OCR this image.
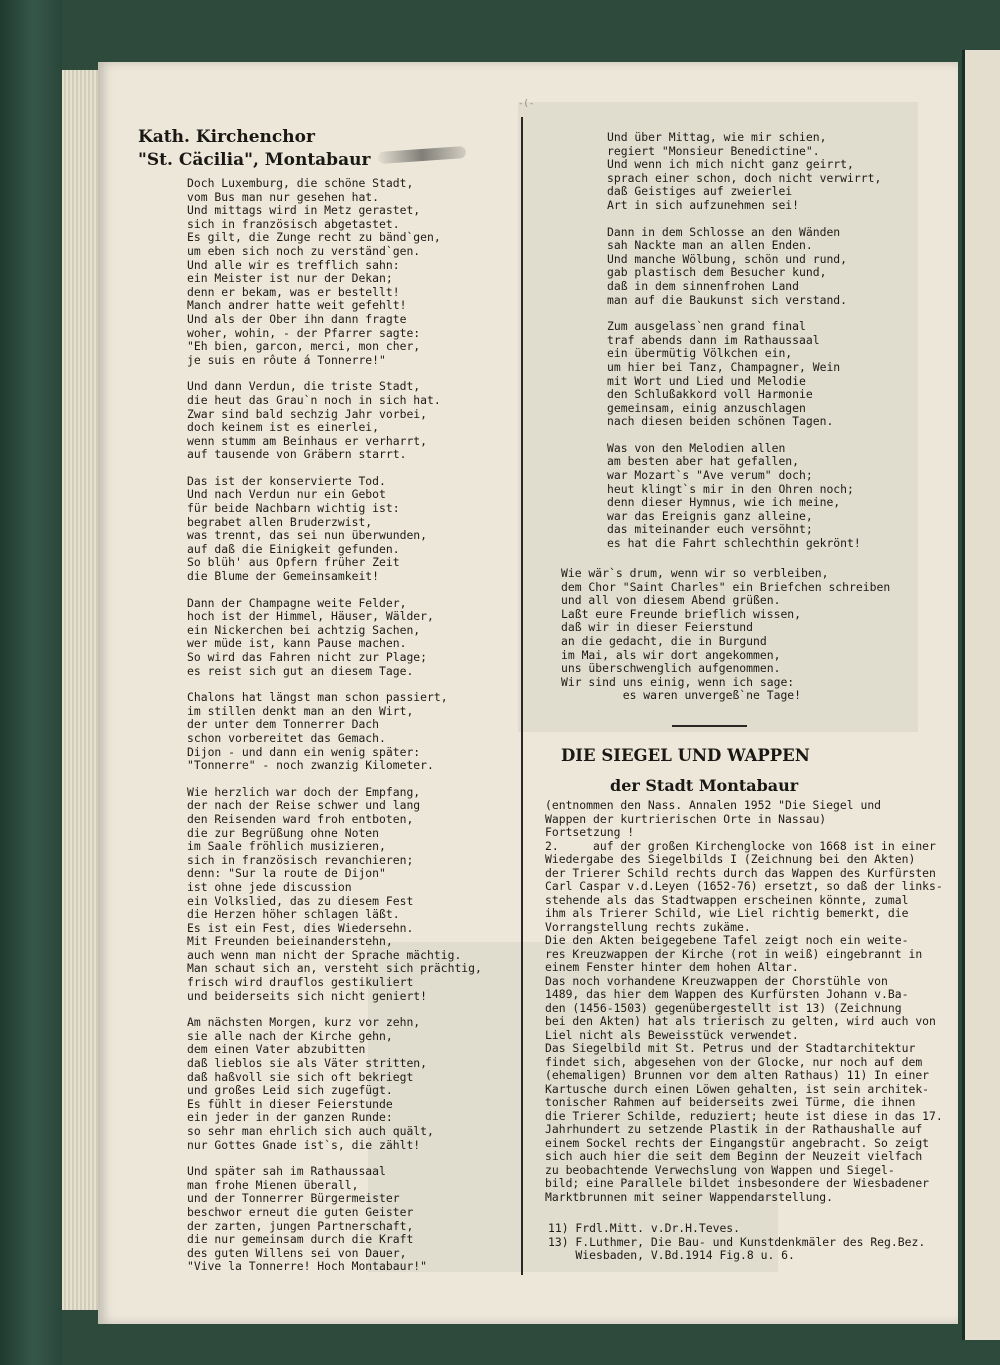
-(-
Kath. Kirchenchor
"St. Cäcilia", Montabaur
Doch Luxemburg, die schöne Stadt,
vom Bus man nur gesehen hat.
Und mittags wird in Metz gerastet,
sich in französisch abgetastet.
Es gilt, die Zunge recht zu bänd`gen,
um eben sich noch zu verständ`gen.
Und alle wir es trefflich sahn:
ein Meister ist nur der Dekan;
denn er bekam, was er bestellt!
Manch andrer hatte weit gefehlt!
Und als der Ober ihn dann fragte
woher, wohin, - der Pfarrer sagte:
"Eh bien, garcon, merci, mon cher,
je suis en rôute á Tonnerre!"
Und dann Verdun, die triste Stadt,
die heut das Grau`n noch in sich hat.
Zwar sind bald sechzig Jahr vorbei,
doch keinem ist es einerlei,
wenn stumm am Beinhaus er verharrt,
auf tausende von Gräbern starrt.
Das ist der konservierte Tod.
Und nach Verdun nur ein Gebot
für beide Nachbarn wichtig ist:
begrabet allen Bruderzwist,
was trennt, das sei nun überwunden,
auf daß die Einigkeit gefunden.
So blüh' aus Opfern früher Zeit
die Blume der Gemeinsamkeit!
Dann der Champagne weite Felder,
hoch ist der Himmel, Häuser, Wälder,
ein Nickerchen bei achtzig Sachen,
wer müde ist, kann Pause machen.
So wird das Fahren nicht zur Plage;
es reist sich gut an diesem Tage.
Chalons hat längst man schon passiert,
im stillen denkt man an den Wirt,
der unter dem Tonnerrer Dach
schon vorbereitet das Gemach.
Dijon - und dann ein wenig später:
"Tonnerre" - noch zwanzig Kilometer.
Wie herzlich war doch der Empfang,
der nach der Reise schwer und lang
den Reisenden ward froh entboten,
die zur Begrüßung ohne Noten
im Saale fröhlich musizieren,
sich in französisch revanchieren;
denn: "Sur la route de Dijon"
ist ohne jede discussion
ein Volkslied, das zu diesem Fest
die Herzen höher schlagen läßt.
Es ist ein Fest, dies Wiedersehn.
Mit Freunden beieinanderstehn,
auch wenn man nicht der Sprache mächtig.
Man schaut sich an, versteht sich prächtig,
frisch wird drauflos gestikuliert
und beiderseits sich nicht geniert!
Am nächsten Morgen, kurz vor zehn,
sie alle nach der Kirche gehn,
dem einen Vater abzubitten
daß lieblos sie als Väter stritten,
daß haßvoll sie sich oft bekriegt
und großes Leid sich zugefügt.
Es fühlt in dieser Feierstunde
ein jeder in der ganzen Runde:
so sehr man ehrlich sich auch quält,
nur Gottes Gnade ist`s, die zählt!
Und später sah im Rathaussaal
man frohe Mienen überall,
und der Tonnerrer Bürgermeister
beschwor erneut die guten Geister
der zarten, jungen Partnerschaft,
die nur gemeinsam durch die Kraft
des guten Willens sei von Dauer,
"Vive la Tonnerre! Hoch Montabaur!"
Und über Mittag, wie mir schien,
regiert "Monsieur Benedictine".
Und wenn ich mich nicht ganz geirrt,
sprach einer schon, doch nicht verwirrt,
daß Geistiges auf zweierlei
Art in sich aufzunehmen sei!
Dann in dem Schlosse an den Wänden
sah Nackte man an allen Enden.
Und manche Wölbung, schön und rund,
gab plastisch dem Besucher kund,
daß in dem sinnenfrohen Land
man auf die Baukunst sich verstand.
Zum ausgelass`nen grand final
traf abends dann im Rathaussaal
ein übermütig Völkchen ein,
um hier bei Tanz, Champagner, Wein
mit Wort und Lied und Melodie
den Schlußakkord voll Harmonie
gemeinsam, einig anzuschlagen
nach diesen beiden schönen Tagen.
Was von den Melodien allen
am besten aber hat gefallen,
war Mozart`s "Ave verum" doch;
heut klingt`s mir in den Ohren noch;
denn dieser Hymnus, wie ich meine,
war das Ereignis ganz alleine,
das miteinander euch versöhnt;
es hat die Fahrt schlechthin gekrönt!
Wie wär`s drum, wenn wir so verbleiben,
dem Chor "Saint Charles" ein Briefchen schreiben
und all von diesem Abend grüßen.
Laßt eure Freunde brieflich wissen,
daß wir in dieser Feierstund
an die gedacht, die in Burgund
im Mai, als wir dort angekommen,
uns überschwenglich aufgenommen.
Wir sind uns einig, wenn ich sage:
es waren unvergeß`ne Tage!
DIE SIEGEL UND WAPPEN
der Stadt Montabaur
(entnommen den Nass. Annalen 1952 "Die Siegel und
Wappen der kurtrierischen Orte in Nassau)
Fortsetzung !
2.     auf der großen Kirchenglocke von 1668 ist in einer
Wiedergabe des Siegelbilds I (Zeichnung bei den Akten)
der Trierer Schild rechts durch das Wappen des Kurfürsten
Carl Caspar v.d.Leyen (1652-76) ersetzt, so daß der links-
stehende als das Stadtwappen erscheinen könnte, zumal
ihm als Trierer Schild, wie Liel richtig bemerkt, die
Vorrangstellung rechts zukäme.
Die den Akten beigegebene Tafel zeigt noch ein weite-
res Kreuzwappen der Kirche (rot in weiß) eingebrannt in
einem Fenster hinter dem hohen Altar.
Das noch vorhandene Kreuzwappen der Chorstühle von
1489, das hier dem Wappen des Kurfürsten Johann v.Ba-
den (1456-1503) gegenübergestellt ist 13) (Zeichnung
bei den Akten) hat als trierisch zu gelten, wird auch von
Liel nicht als Beweisstück verwendet.
Das Siegelbild mit St. Petrus und der Stadtarchitektur
findet sich, abgesehen von der Glocke, nur noch auf dem
(ehemaligen) Brunnen vor dem alten Rathaus) 11) In einer
Kartusche durch einen Löwen gehalten, ist sein architek-
tonischer Rahmen auf beiderseits zwei Türme, die ihnen
die Trierer Schilde, reduziert; heute ist diese in das 17.
Jahrhundert zu setzende Plastik in der Rathaushalle auf
einem Sockel rechts der Eingangstür angebracht. So zeigt
sich auch hier die seit dem Beginn der Neuzeit vielfach
zu beobachtende Verwechslung von Wappen und Siegel-
bild; eine Parallele bildet insbesondere der Wiesbadener
Marktbrunnen mit seiner Wappendarstellung.
11) Frdl.Mitt. v.Dr.H.Teves.
13) F.Luthmer, Die Bau- und Kunstdenkmäler des Reg.Bez.
Wiesbaden, V.Bd.1914 Fig.8 u. 6.
